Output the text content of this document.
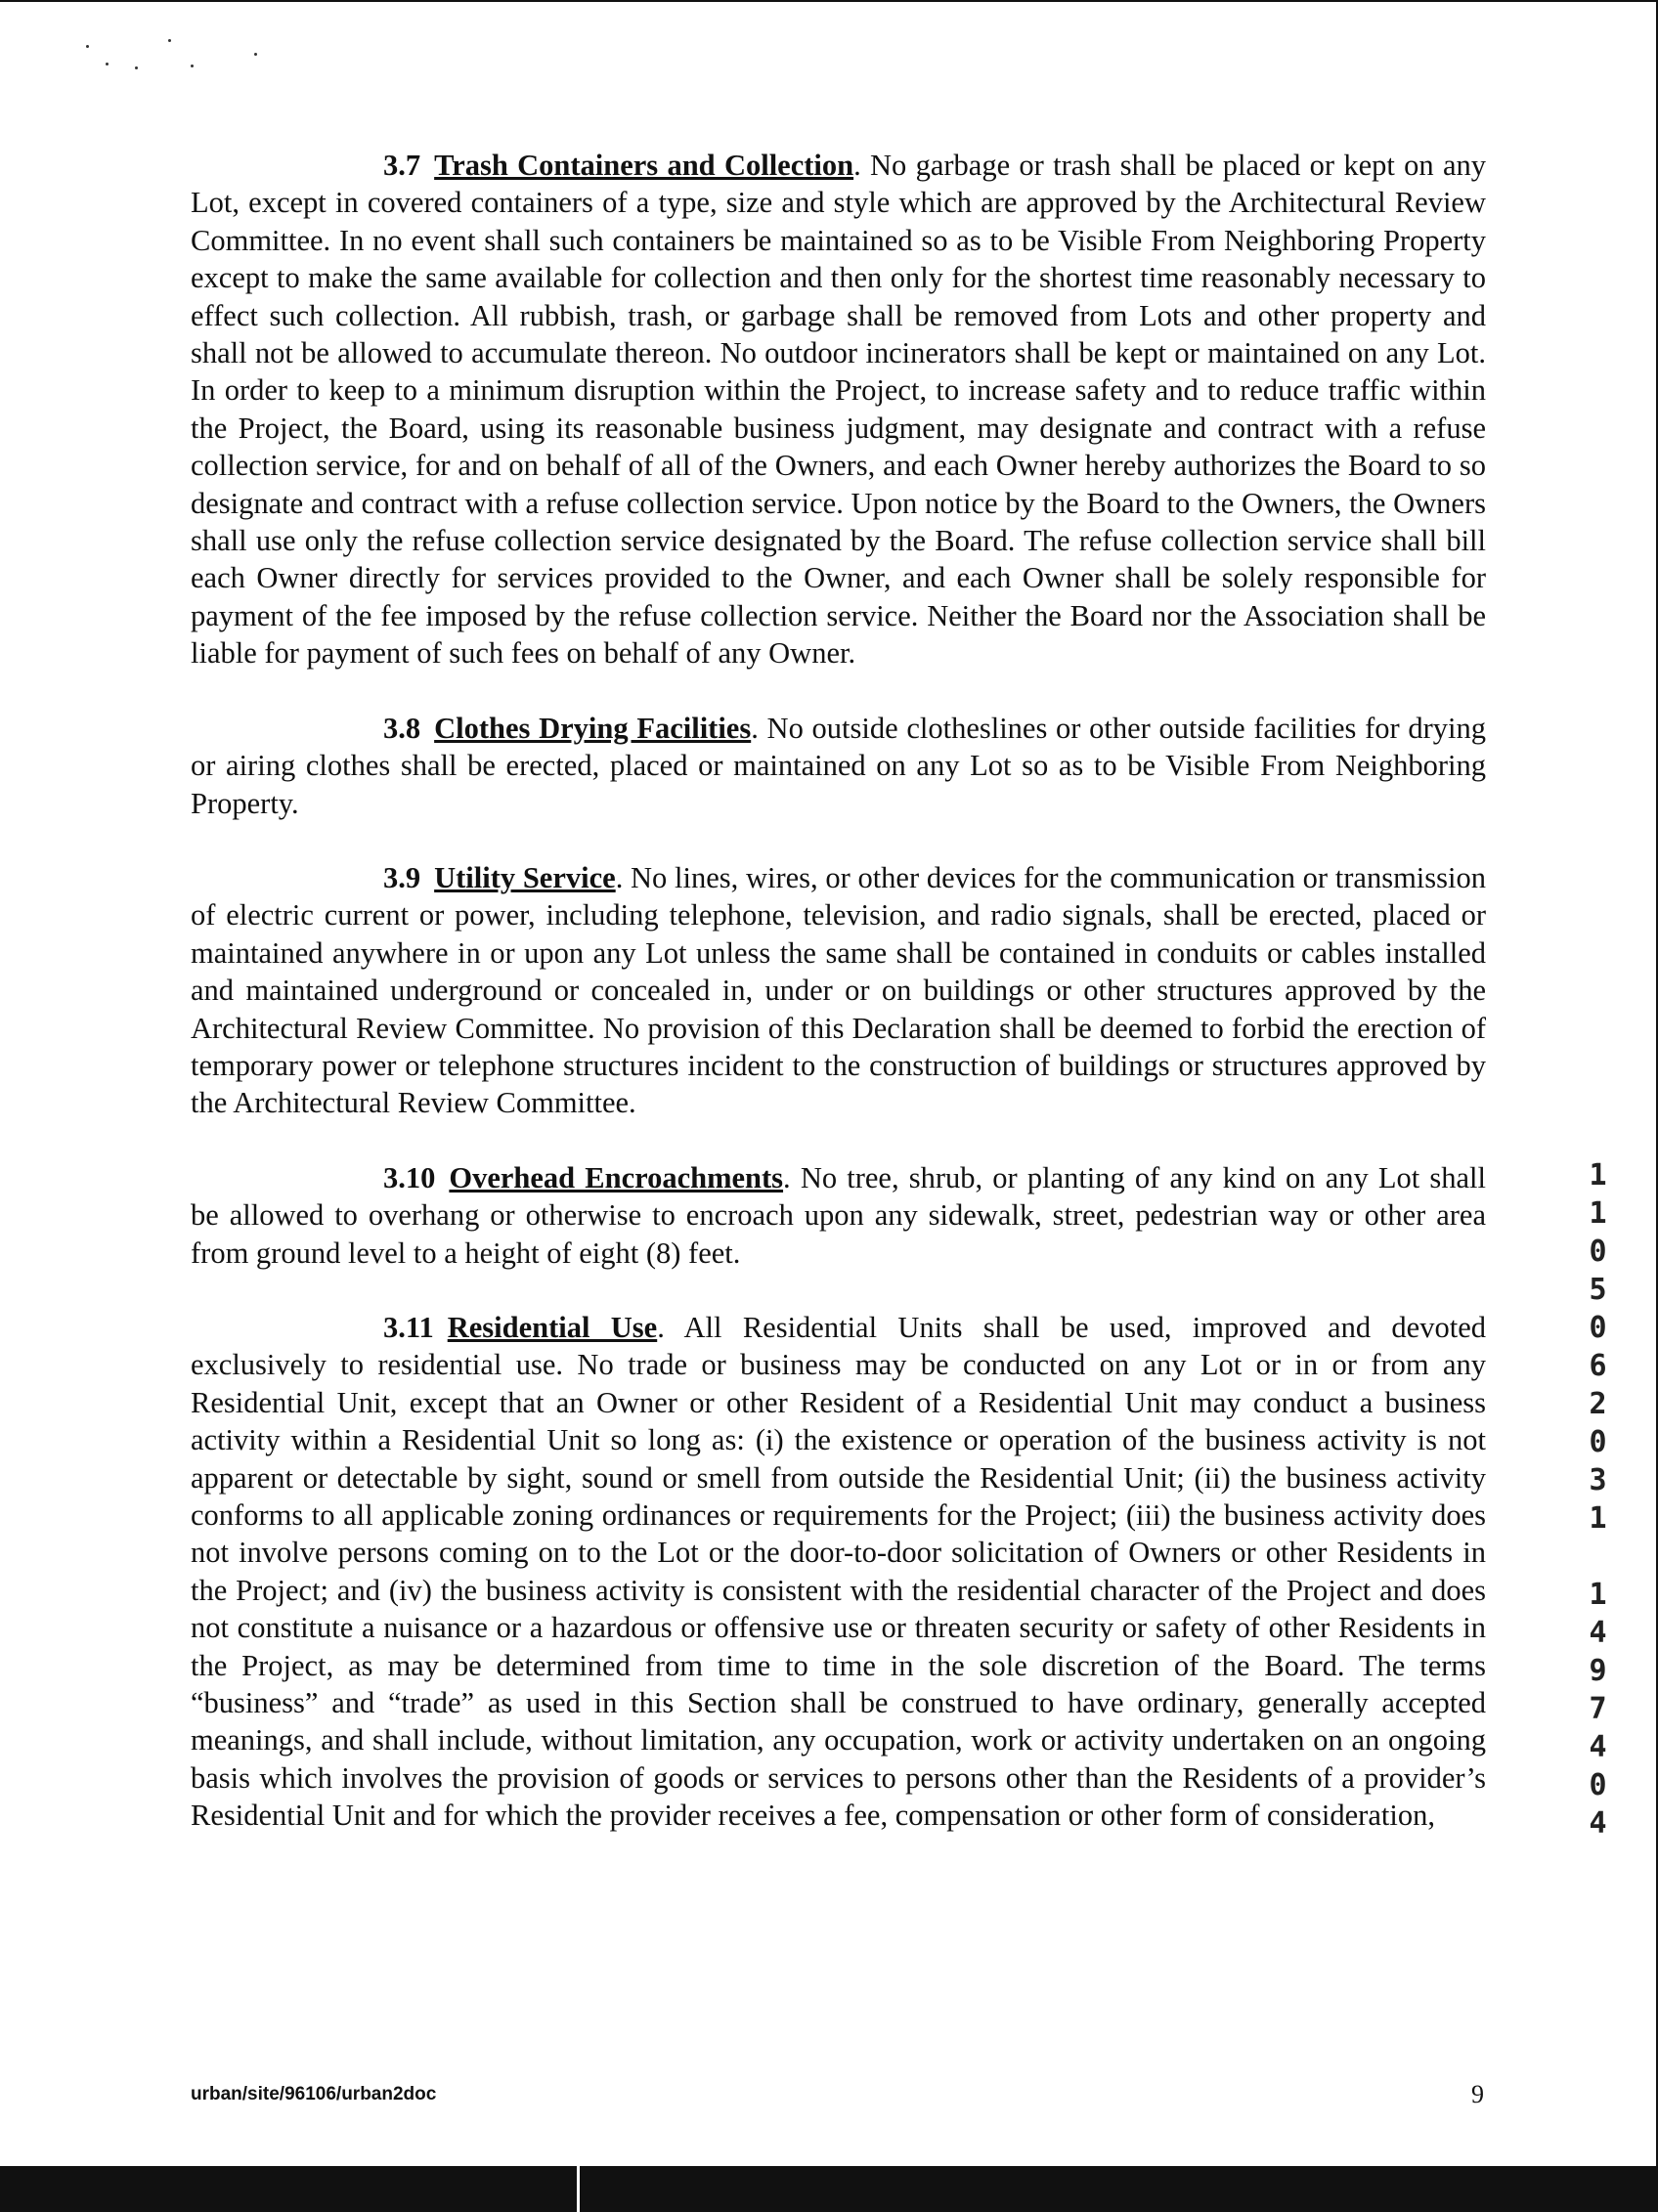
3.7 Trash Containers and Collection. No garbage or trash shall be placed or kept on any Lot, except in covered containers of a type, size and style which are approved by the Architectural Review Committee. In no event shall such containers be maintained so as to be Visible From Neighboring Property except to make the same available for collection and then only for the shortest time reasonably necessary to effect such collection. All rubbish, trash, or garbage shall be removed from Lots and other property and shall not be allowed to accumulate thereon. No outdoor incinerators shall be kept or maintained on any Lot. In order to keep to a minimum disruption within the Project, to increase safety and to reduce traffic within the Project, the Board, using its reasonable business judgment, may designate and contract with a refuse collection service, for and on behalf of all of the Owners, and each Owner hereby authorizes the Board to so designate and contract with a refuse collection service. Upon notice by the Board to the Owners, the Owners shall use only the refuse collection service designated by the Board. The refuse collection service shall bill each Owner directly for services provided to the Owner, and each Owner shall be solely responsible for payment of the fee imposed by the refuse collection service. Neither the Board nor the Association shall be liable for payment of such fees on behalf of any Owner.

3.8 Clothes Drying Facilities. No outside clotheslines or other outside facilities for drying or airing clothes shall be erected, placed or maintained on any Lot so as to be Visible From Neighboring Property.

3.9 Utility Service. No lines, wires, or other devices for the communication or transmission of electric current or power, including telephone, television, and radio signals, shall be erected, placed or maintained anywhere in or upon any Lot unless the same shall be contained in conduits or cables installed and maintained underground or concealed in, under or on buildings or other structures approved by the Architectural Review Committee. No provision of this Declaration shall be deemed to forbid the erection of temporary power or telephone structures incident to the construction of buildings or structures approved by the Architectural Review Committee.

3.10 Overhead Encroachments. No tree, shrub, or planting of any kind on any Lot shall be allowed to overhang or otherwise to encroach upon any sidewalk, street, pedestrian way or other area from ground level to a height of eight (8) feet.

3.11 Residential Use. All Residential Units shall be used, improved and devoted exclusively to residential use. No trade or business may be conducted on any Lot or in or from any Residential Unit, except that an Owner or other Resident of a Residential Unit may conduct a business activity within a Residential Unit so long as: (i) the existence or operation of the business activity is not apparent or detectable by sight, sound or smell from outside the Residential Unit; (ii) the business activity conforms to all applicable zoning ordinances or requirements for the Project; (iii) the business activity does not involve persons coming on to the Lot or the door-to-door solicitation of Owners or other Residents in the Project; and (iv) the business activity is consistent with the residential character of the Project and does not constitute a nuisance or a hazardous or offensive use or threaten security or safety of other Residents in the Project, as may be determined from time to time in the sole discretion of the Board. The terms “business” and “trade” as used in this Section shall be construed to have ordinary, generally accepted meanings, and shall include, without limitation, any occupation, work or activity undertaken on an ongoing basis which involves the provision of goods or services to persons other than the Residents of a provider’s Residential Unit and for which the provider receives a fee, compensation or other form of consideration,	1105062031 1497404
urban/site/96106/urban2doc	9
